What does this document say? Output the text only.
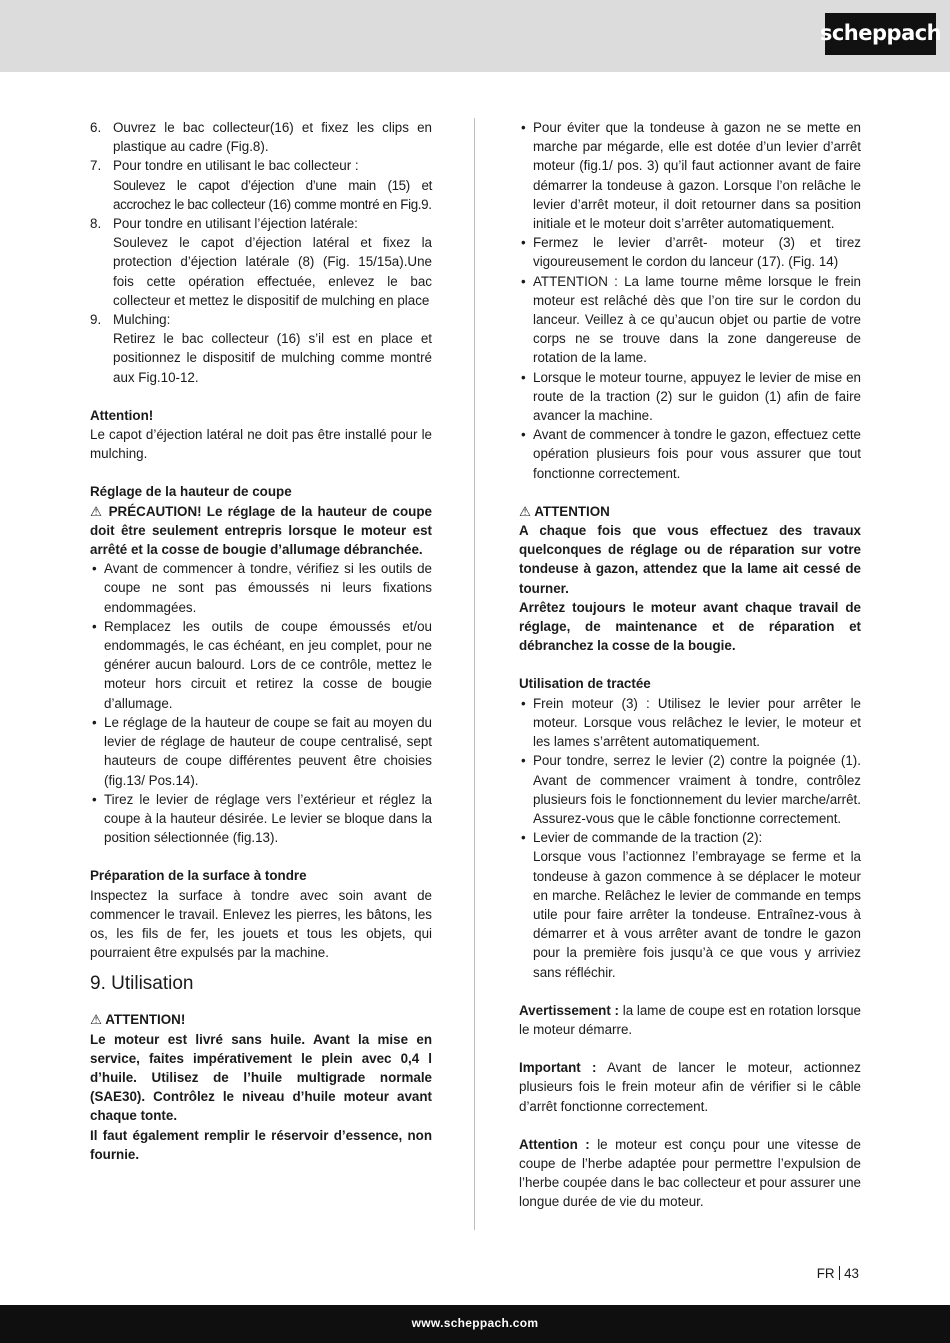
scheppach
6. Ouvrez le bac collecteur(16) et fixez les clips en plastique au cadre (Fig.8).

7. Pour tondre en utilisant le bac collecteur :

Soulevez le capot d’éjection d’une main (15) et accrochez le bac collecteur (16) comme montré en Fig.9.

8. Pour tondre en utilisant l’éjection latérale:

Soulevez le capot d’éjection latéral et fixez la protection d’éjection latérale (8) (Fig. 15/15a).Une fois cette opération effectuée, enlevez le bac collecteur et mettez le dispositif de mulching en place

9. Mulching:

Retirez le bac collecteur (16) s’il est en place et positionnez le dispositif de mulching comme montré aux Fig.10-12.

Attention!

Le capot d’éjection latéral ne doit pas être installé pour le mulching.

Réglage de la hauteur de coupe

⚠ PRÉCAUTION! Le réglage de la hauteur de coupe doit être seulement entrepris lorsque le moteur est arrêté et la cosse de bougie d’allumage débranchée.

• Avant de commencer à tondre, vérifiez si les outils de coupe ne sont pas émoussés ni leurs fixations endommagées.
• Remplacez les outils de coupe émoussés et/ou endommagés, le cas échéant, en jeu complet, pour ne générer aucun balourd. Lors de ce contrôle, mettez le moteur hors circuit et retirez la cosse de bougie d’allumage.
• Le réglage de la hauteur de coupe se fait au moyen du levier de réglage de hauteur de coupe centralisé, sept hauteurs de coupe différentes peuvent être choisies (fig.13/ Pos.14).
• Tirez le levier de réglage vers l’extérieur et réglez la coupe à la hauteur désirée. Le levier se bloque dans la position sélectionnée (fig.13).

Préparation de la surface à tondre

Inspectez la surface à tondre avec soin avant de commencer le travail. Enlevez les pierres, les bâtons, les os, les fils de fer, les jouets et tous les objets, qui pourraient être expulsés par la machine.

9. Utilisation

⚠ ATTENTION!

Le moteur est livré sans huile. Avant la mise en service, faites impérativement le plein avec 0,4 l d’huile. Utilisez de l’huile multigrade normale (SAE30). Contrôlez le niveau d’huile moteur avant chaque tonte.

Il faut également remplir le réservoir d’essence, non fournie.

• Pour éviter que la tondeuse à gazon ne se mette en marche par mégarde, elle est dotée d’un levier d’arrêt moteur (fig.1/ pos. 3) qu’il faut actionner avant de faire démarrer la tondeuse à gazon. Lorsque l’on relâche le levier d’arrêt moteur, il doit retourner dans sa position initiale et le moteur doit s’arrêter automatiquement.
• Fermez le levier d’arrêt- moteur (3) et tirez vigoureusement le cordon du lanceur (17). (Fig. 14)
• ATTENTION : La lame tourne même lorsque le frein moteur est relâché dès que l’on tire sur le cordon du lanceur. Veillez à ce qu’aucun objet ou partie de votre corps ne se trouve dans la zone dangereuse de rotation de la lame.
• Lorsque le moteur tourne, appuyez le levier de mise en route de la traction (2) sur le guidon (1) afin de faire avancer la machine.
• Avant de commencer à tondre le gazon, effectuez cette opération plusieurs fois pour vous assurer que tout fonctionne correctement.

⚠ ATTENTION

A chaque fois que vous effectuez des travaux quelconques de réglage ou de réparation sur votre tondeuse à gazon, attendez que la lame ait cessé de tourner.

Arrêtez toujours le moteur avant chaque travail de réglage, de maintenance et de réparation et débranchez la cosse de la bougie.

Utilisation de tractée

• Frein moteur (3) : Utilisez le levier pour arrêter le moteur. Lorsque vous relâchez le levier, le moteur et les lames s’arrêtent automatiquement.
• Pour tondre, serrez le levier (2) contre la poignée (1). Avant de commencer vraiment à tondre, contrôlez plusieurs fois le fonctionnement du levier marche/arrêt. Assurez-vous que le câble fonctionne correctement.
• Levier de commande de la traction (2):
Lorsque vous l’actionnez l’embrayage se ferme et la tondeuse à gazon commence à se déplacer le moteur en marche. Relâchez le levier de commande en temps utile pour faire arrêter la tondeuse. Entraînez-vous à démarrer et à vous arrêter avant de tondre le gazon pour la première fois jusqu’à ce que vous y arriviez sans réfléchir.

Avertissement : la lame de coupe est en rotation lorsque le moteur démarre.

Important : Avant de lancer le moteur, actionnez plusieurs fois le frein moteur afin de vérifier si le câble d’arrêt fonctionne correctement.

Attention : le moteur est conçu pour une vitesse de coupe de l’herbe adaptée pour permettre l’expulsion de l’herbe coupée dans le bac collecteur et pour assurer une longue durée de vie du moteur.

FR 43
www.scheppach.com
